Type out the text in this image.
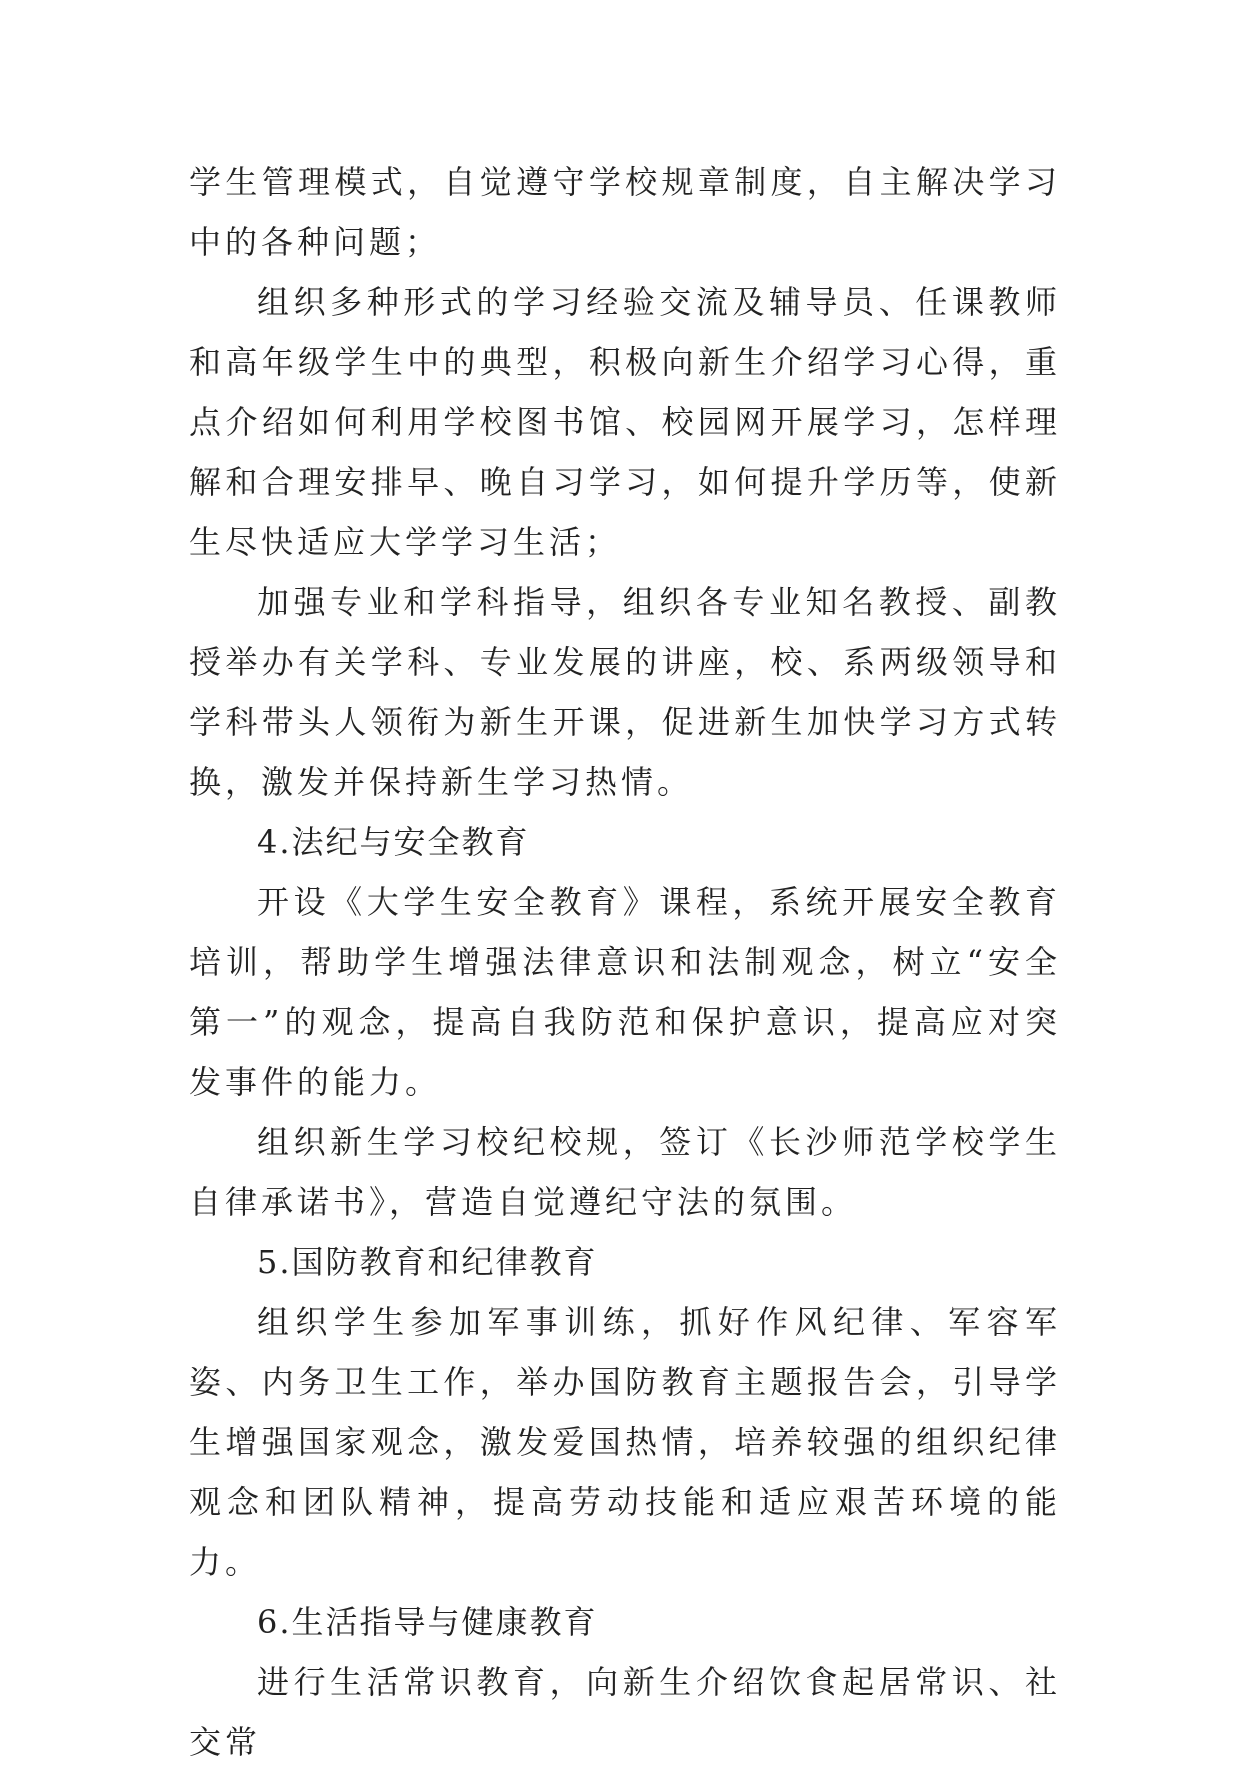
学生管理模式，自觉遵守学校规章制度，自主解决学习中的各种问题；

组织多种形式的学习经验交流及辅导员、任课教师和高年级学生中的典型，积极向新生介绍学习心得，重点介绍如何利用学校图书馆、校园网开展学习，怎样理解和合理安排早、晚自习学习，如何提升学历等，使新生尽快适应大学学习生活；

加强专业和学科指导，组织各专业知名教授、副教授举办有关学科、专业发展的讲座，校、系两级领导和学科带头人领衔为新生开课，促进新生加快学习方式转换，激发并保持新生学习热情。

4.法纪与安全教育

开设《大学生安全教育》课程，系统开展安全教育培训，帮助学生增强法律意识和法制观念，树立“安全第一”的观念，提高自我防范和保护意识，提高应对突发事件的能力。

组织新生学习校纪校规，签订《长沙师范学校学生自律承诺书》，营造自觉遵纪守法的氛围。

5.国防教育和纪律教育

组织学生参加军事训练，抓好作风纪律、军容军姿、内务卫生工作，举办国防教育主题报告会，引导学生增强国家观念，激发爱国热情，培养较强的组织纪律观念和团队精神，提高劳动技能和适应艰苦环境的能力。

6.生活指导与健康教育

进行生活常识教育，向新生介绍饮食起居常识、社交常
